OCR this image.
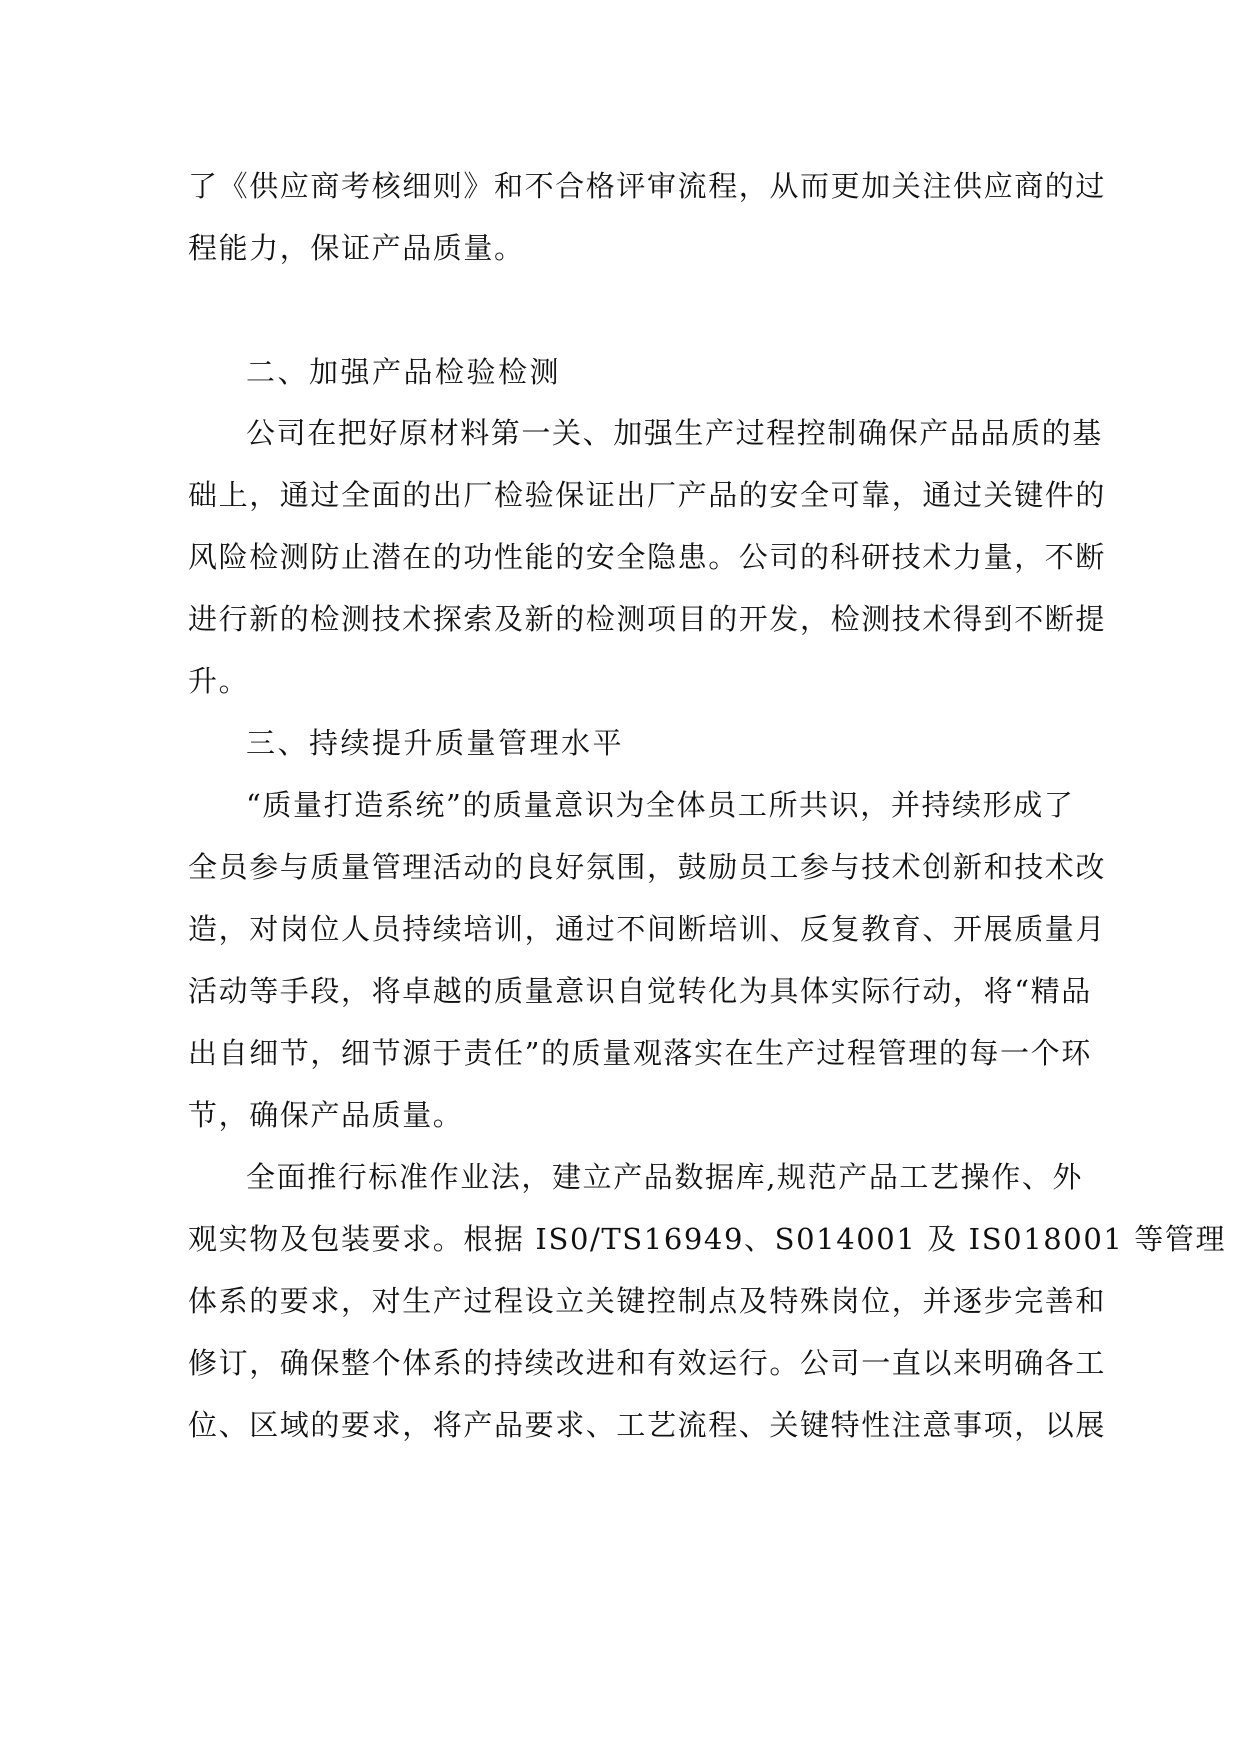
了《供应商考核细则》和不合格评审流程，从而更加关注供应商的过
程能力，保证产品质量。
二、加强产品检验检测
公司在把好原材料第一关、加强生产过程控制确保产品品质的基
础上，通过全面的出厂检验保证出厂产品的安全可靠，通过关键件的
风险检测防止潜在的功性能的安全隐患。公司的科研技术力量，不断
进行新的检测技术探索及新的检测项目的开发，检测技术得到不断提
升。
三、持续提升质量管理水平
“质量打造系统”的质量意识为全体员工所共识，并持续形成了
全员参与质量管理活动的良好氛围，鼓励员工参与技术创新和技术改
造，对岗位人员持续培训，通过不间断培训、反复教育、开展质量月
活动等手段，将卓越的质量意识自觉转化为具体实际行动，将“精品
出自细节，细节源于责任”的质量观落实在生产过程管理的每一个环
节，确保产品质量。
全面推行标准作业法，建立产品数据库,规范产品工艺操作、外
观实物及包装要求。根据 IS0/TS16949、S014001 及 IS018001 等管理
体系的要求，对生产过程设立关键控制点及特殊岗位，并逐步完善和
修订，确保整个体系的持续改进和有效运行。公司一直以来明确各工
位、区域的要求，将产品要求、工艺流程、关键特性注意事项，以展
